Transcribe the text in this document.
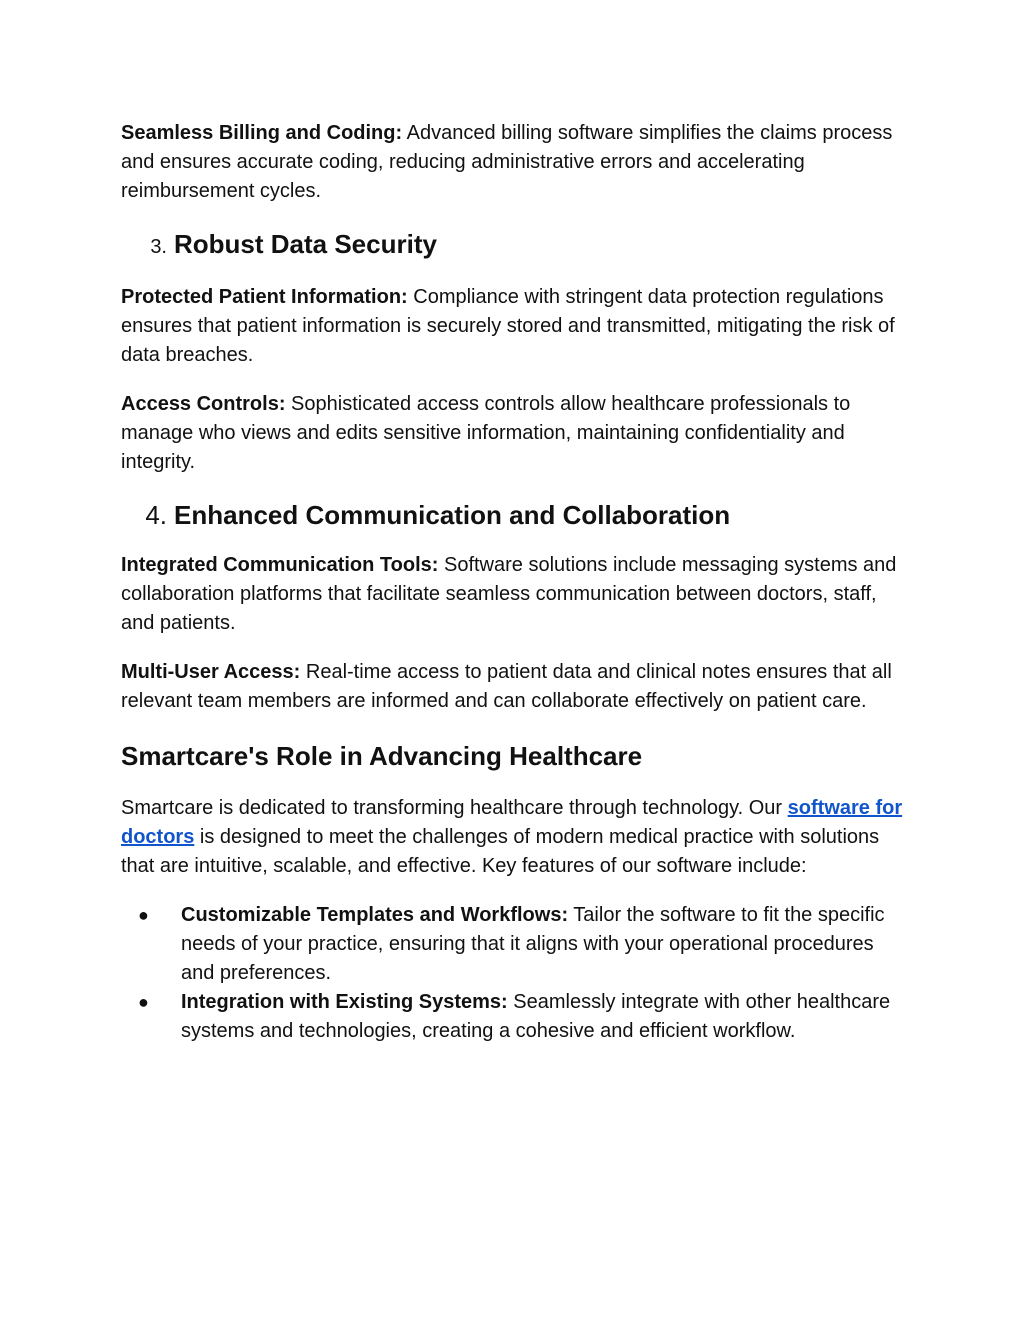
Seamless Billing and Coding: Advanced billing software simplifies the claims process and ensures accurate coding, reducing administrative errors and accelerating reimbursement cycles.

3. Robust Data Security

Protected Patient Information: Compliance with stringent data protection regulations ensures that patient information is securely stored and transmitted, mitigating the risk of data breaches.

Access Controls: Sophisticated access controls allow healthcare professionals to manage who views and edits sensitive information, maintaining confidentiality and integrity.

4. Enhanced Communication and Collaboration

Integrated Communication Tools: Software solutions include messaging systems and collaboration platforms that facilitate seamless communication between doctors, staff, and patients.

Multi-User Access: Real-time access to patient data and clinical notes ensures that all relevant team members are informed and can collaborate effectively on patient care.

Smartcare's Role in Advancing Healthcare

Smartcare is dedicated to transforming healthcare through technology. Our software for doctors is designed to meet the challenges of modern medical practice with solutions that are intuitive, scalable, and effective. Key features of our software include:

● Customizable Templates and Workflows: Tailor the software to fit the specific needs of your practice, ensuring that it aligns with your operational procedures and preferences.
● Integration with Existing Systems: Seamlessly integrate with other healthcare systems and technologies, creating a cohesive and efficient workflow.
